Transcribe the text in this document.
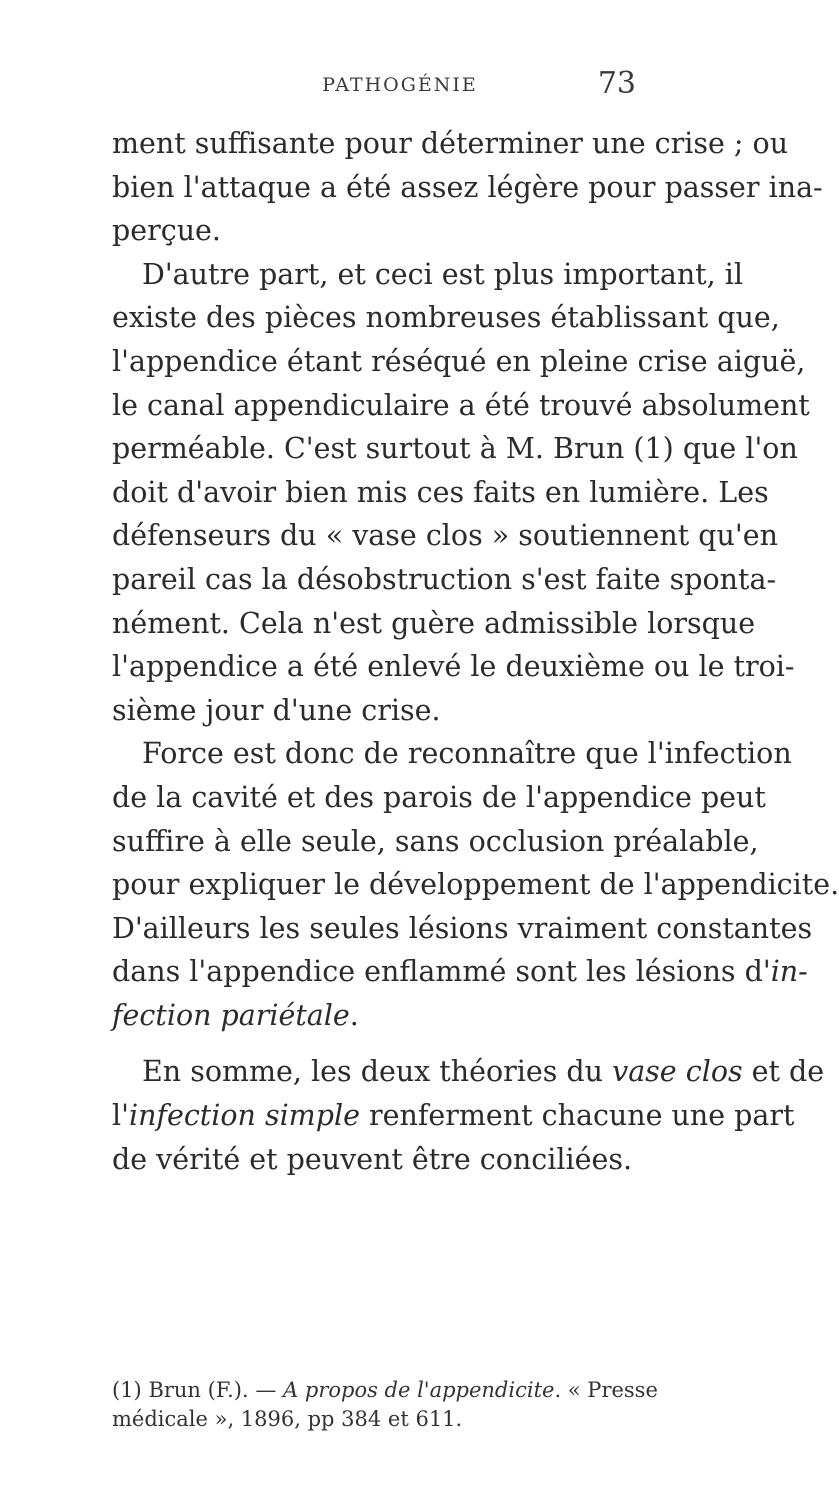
PATHOGÉNIE	73

ment suffisante pour déterminer une crise ; ou
bien l'attaque a été assez légère pour passer ina-
perçue.

D'autre part, et ceci est plus important, il
existe des pièces nombreuses établissant que,
l'appendice étant réséqué en pleine crise aiguë,
le canal appendiculaire a été trouvé absolument
perméable. C'est surtout à M. Brun (1) que l'on
doit d'avoir bien mis ces faits en lumière. Les
défenseurs du « vase clos » soutiennent qu'en
pareil cas la désobstruction s'est faite sponta-
nément. Cela n'est guère admissible lorsque
l'appendice a été enlevé le deuxième ou le troi-
sième jour d'une crise.

Force est donc de reconnaître que l'infection
de la cavité et des parois de l'appendice peut
suffire à elle seule, sans occlusion préalable,
pour expliquer le développement de l'appendicite.
D'ailleurs les seules lésions vraiment constantes
dans l'appendice enflammé sont les lésions d'in-
fection pariétale.

En somme, les deux théories du vase clos et de
l'infection simple renferment chacune une part
de vérité et peuvent être conciliées.

(1) Brun (F.). — A propos de l'appendicite. « Presse
médicale », 1896, pp 384 et 611.
